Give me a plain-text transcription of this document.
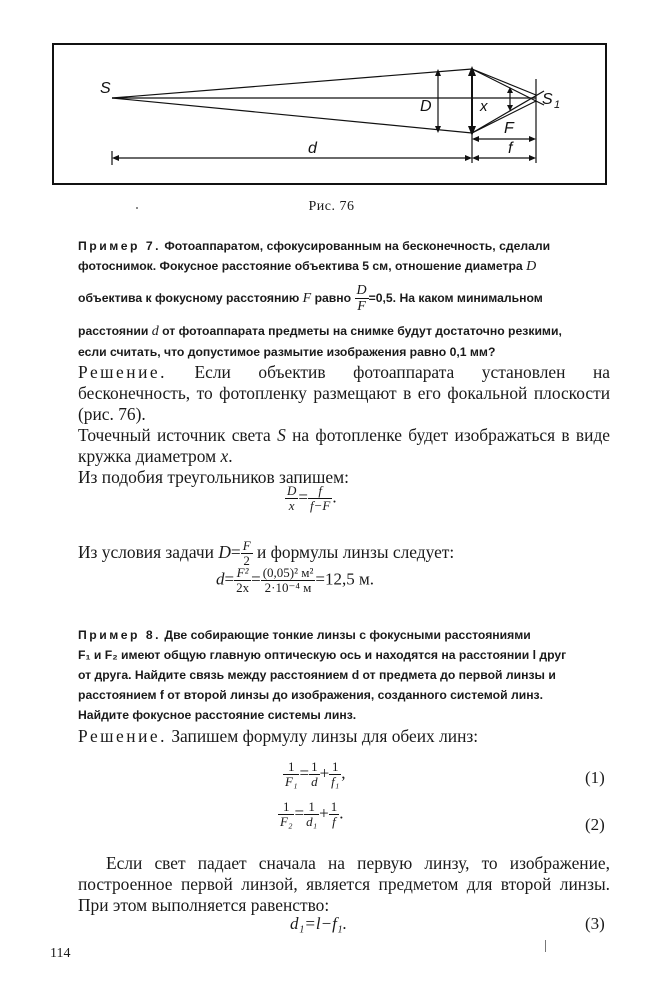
S
D	x	S 1
F
d	f
Рис. 76
Пример 7. Фотоаппаратом, сфокусированным на бесконечность, сделали
фотоснимок. Фокусное расстояние объектива 5 см, отношение диаметра D
объектива к фокусному расстоянию F равно $\frac{D}{F} =0,5$. На каком минимальном
расстоянии d от фотоаппарата предметы на снимке будут достаточно резкими,
если считать, что допустимое размытие изображения равно 0,1 мм?
Решение. Если объектив фотоаппарата установлен на бесконечность, то фотопленку размещают в его фокальной плоскости (рис. 76).
Точечный источник света S на фотопленке будет изображаться в виде кружка диаметром x.
Из подобия треугольников запишем:
$\frac{D}{x} = \frac{f}{f-F}$ .
Из условия задачи $D= \frac{F}{2}$ и формулы линзы следует:
$d= \frac{\text{F²}}{2x} = \frac{\text{(0,05)² м²}}{\text{2·10⁻⁴ м}} =12,5$ м.
Пример 8. Две собирающие тонкие линзы с фокусными расстояниями
F₁ и F₂ имеют общую главную оптическую ось и находятся на расстоянии l друг
от друга. Найдите связь между расстоянием d от предмета до первой линзы и
расстоянием f от второй линзы до изображения, созданного системой линз.
Найдите фокусное расстояние системы линз.
Решение. Запишем формулу линзы для обеих линз:
$\frac{1}{\text{F₁}} = \frac{1}{d} + \frac{1}{\text{f₁}}$ ,	(1)
$\frac{1}{\text{F₂}} = \frac{1}{\text{d₁}} + \frac{1}{f}$ .
(2)
Если свет падает сначала на первую линзу, то изображение, построенное первой линзой, является предметом для второй линзы. При этом выполняется равенство:
d₁=l−f₁.	(3)
114
